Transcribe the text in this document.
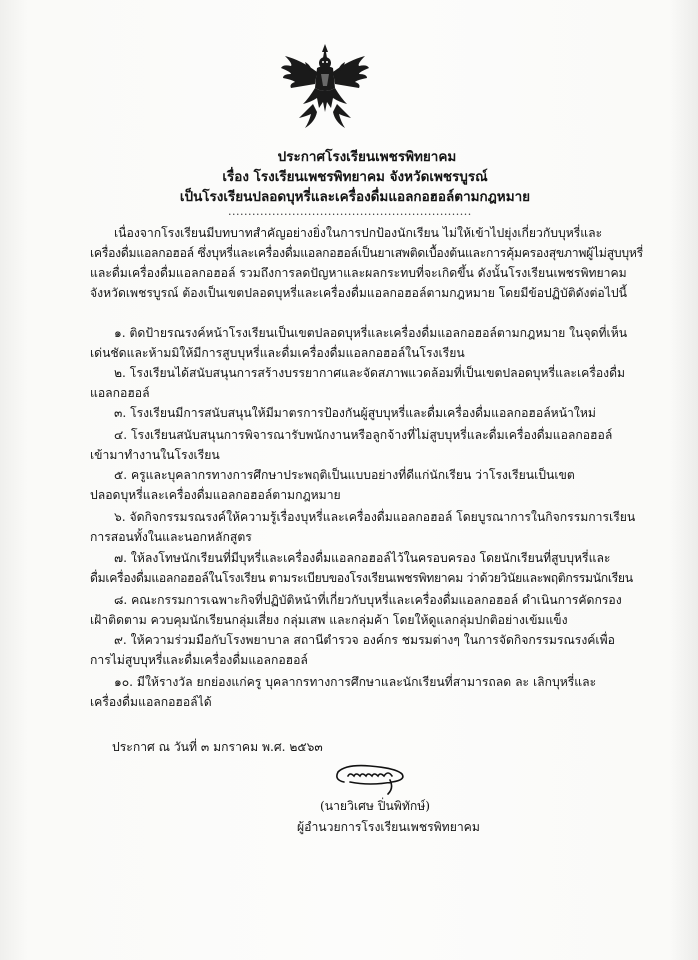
ประกาศโรงเรียนเพชรพิทยาคม
เรื่อง โรงเรียนเพชรพิทยาคม จังหวัดเพชรบูรณ์
เป็นโรงเรียนปลอดบุหรี่และเครื่องดื่มแอลกอฮอล์ตามกฎหมาย
.............................................................
เนื่องจากโรงเรียนมีบทบาทสำคัญอย่างยิ่งในการปกป้องนักเรียน ไม่ให้เข้าไปยุ่งเกี่ยวกับบุหรี่และ
เครื่องดื่มแอลกอฮอล์ ซึ่งบุหรี่และเครื่องดื่มแอลกอฮอล์เป็นยาเสพติดเบื้องต้นและการคุ้มครองสุขภาพผู้ไม่สูบบุหรี่
และดื่มเครื่องดื่มแอลกอฮอล์ รวมถึงการลดปัญหาและผลกระทบที่จะเกิดขึ้น ดังนั้นโรงเรียนเพชรพิทยาคม
จังหวัดเพชรบูรณ์ ต้องเป็นเขตปลอดบุหรี่และเครื่องดื่มแอลกอฮอล์ตามกฎหมาย โดยมีข้อปฏิบัติดังต่อไปนี้
๑. ติดป้ายรณรงค์หน้าโรงเรียนเป็นเขตปลอดบุหรี่และเครื่องดื่มแอลกอฮอล์ตามกฎหมาย ในจุดที่เห็น
เด่นชัดและห้ามมิให้มีการสูบบุหรี่และดื่มเครื่องดื่มแอลกอฮอล์ในโรงเรียน
๒. โรงเรียนได้สนับสนุนการสร้างบรรยากาศและจัดสภาพแวดล้อมที่เป็นเขตปลอดบุหรี่และเครื่องดื่ม
แอลกอฮอล์
๓. โรงเรียนมีการสนับสนุนให้มีมาตรการป้องกันผู้สูบบุหรี่และดื่มเครื่องดื่มแอลกอฮอล์หน้าใหม่
๔. โรงเรียนสนับสนุนการพิจารณารับพนักงานหรือลูกจ้างที่ไม่สูบบุหรี่และดื่มเครื่องดื่มแอลกอฮอล์
เข้ามาทำงานในโรงเรียน
๕. ครูและบุคลากรทางการศึกษาประพฤติเป็นแบบอย่างที่ดีแก่นักเรียน ว่าโรงเรียนเป็นเขต
ปลอดบุหรี่และเครื่องดื่มแอลกอฮอล์ตามกฎหมาย
๖. จัดกิจกรรมรณรงค์ให้ความรู้เรื่องบุหรี่และเครื่องดื่มแอลกอฮอล์ โดยบูรณาการในกิจกรรมการเรียน
การสอนทั้งในและนอกหลักสูตร
๗. ให้ลงโทษนักเรียนที่มีบุหรี่และเครื่องดื่มแอลกอฮอล์ไว้ในครอบครอง โดยนักเรียนที่สูบบุหรี่และ
ดื่มเครื่องดื่มแอลกอฮอล์ในโรงเรียน ตามระเบียบของโรงเรียนเพชรพิทยาคม ว่าด้วยวินัยและพฤติกรรมนักเรียน
๘. คณะกรรมการเฉพาะกิจที่ปฏิบัติหน้าที่เกี่ยวกับบุหรี่และเครื่องดื่มแอลกอฮอล์ ดำเนินการคัดกรอง
เฝ้าติดตาม ควบคุมนักเรียนกลุ่มเสี่ยง กลุ่มเสพ และกลุ่มค้า โดยให้ดูแลกลุ่มปกติอย่างเข้มแข็ง
๙. ให้ความร่วมมือกับโรงพยาบาล สถานีตำรวจ องค์กร ชมรมต่างๆ ในการจัดกิจกรรมรณรงค์เพื่อ
การไม่สูบบุหรี่และดื่มเครื่องดื่มแอลกอฮอล์
๑๐. มีให้รางวัล ยกย่องแก่ครู บุคลากรทางการศึกษาและนักเรียนที่สามารถลด ละ เลิกบุหรี่และ
เครื่องดื่มแอลกอฮอล์ได้
ประกาศ ณ วันที่ ๓ มกราคม พ.ศ. ๒๕๖๓
(นายวิเศษ ปิ่นพิทักษ์)
ผู้อำนวยการโรงเรียนเพชรพิทยาคม
